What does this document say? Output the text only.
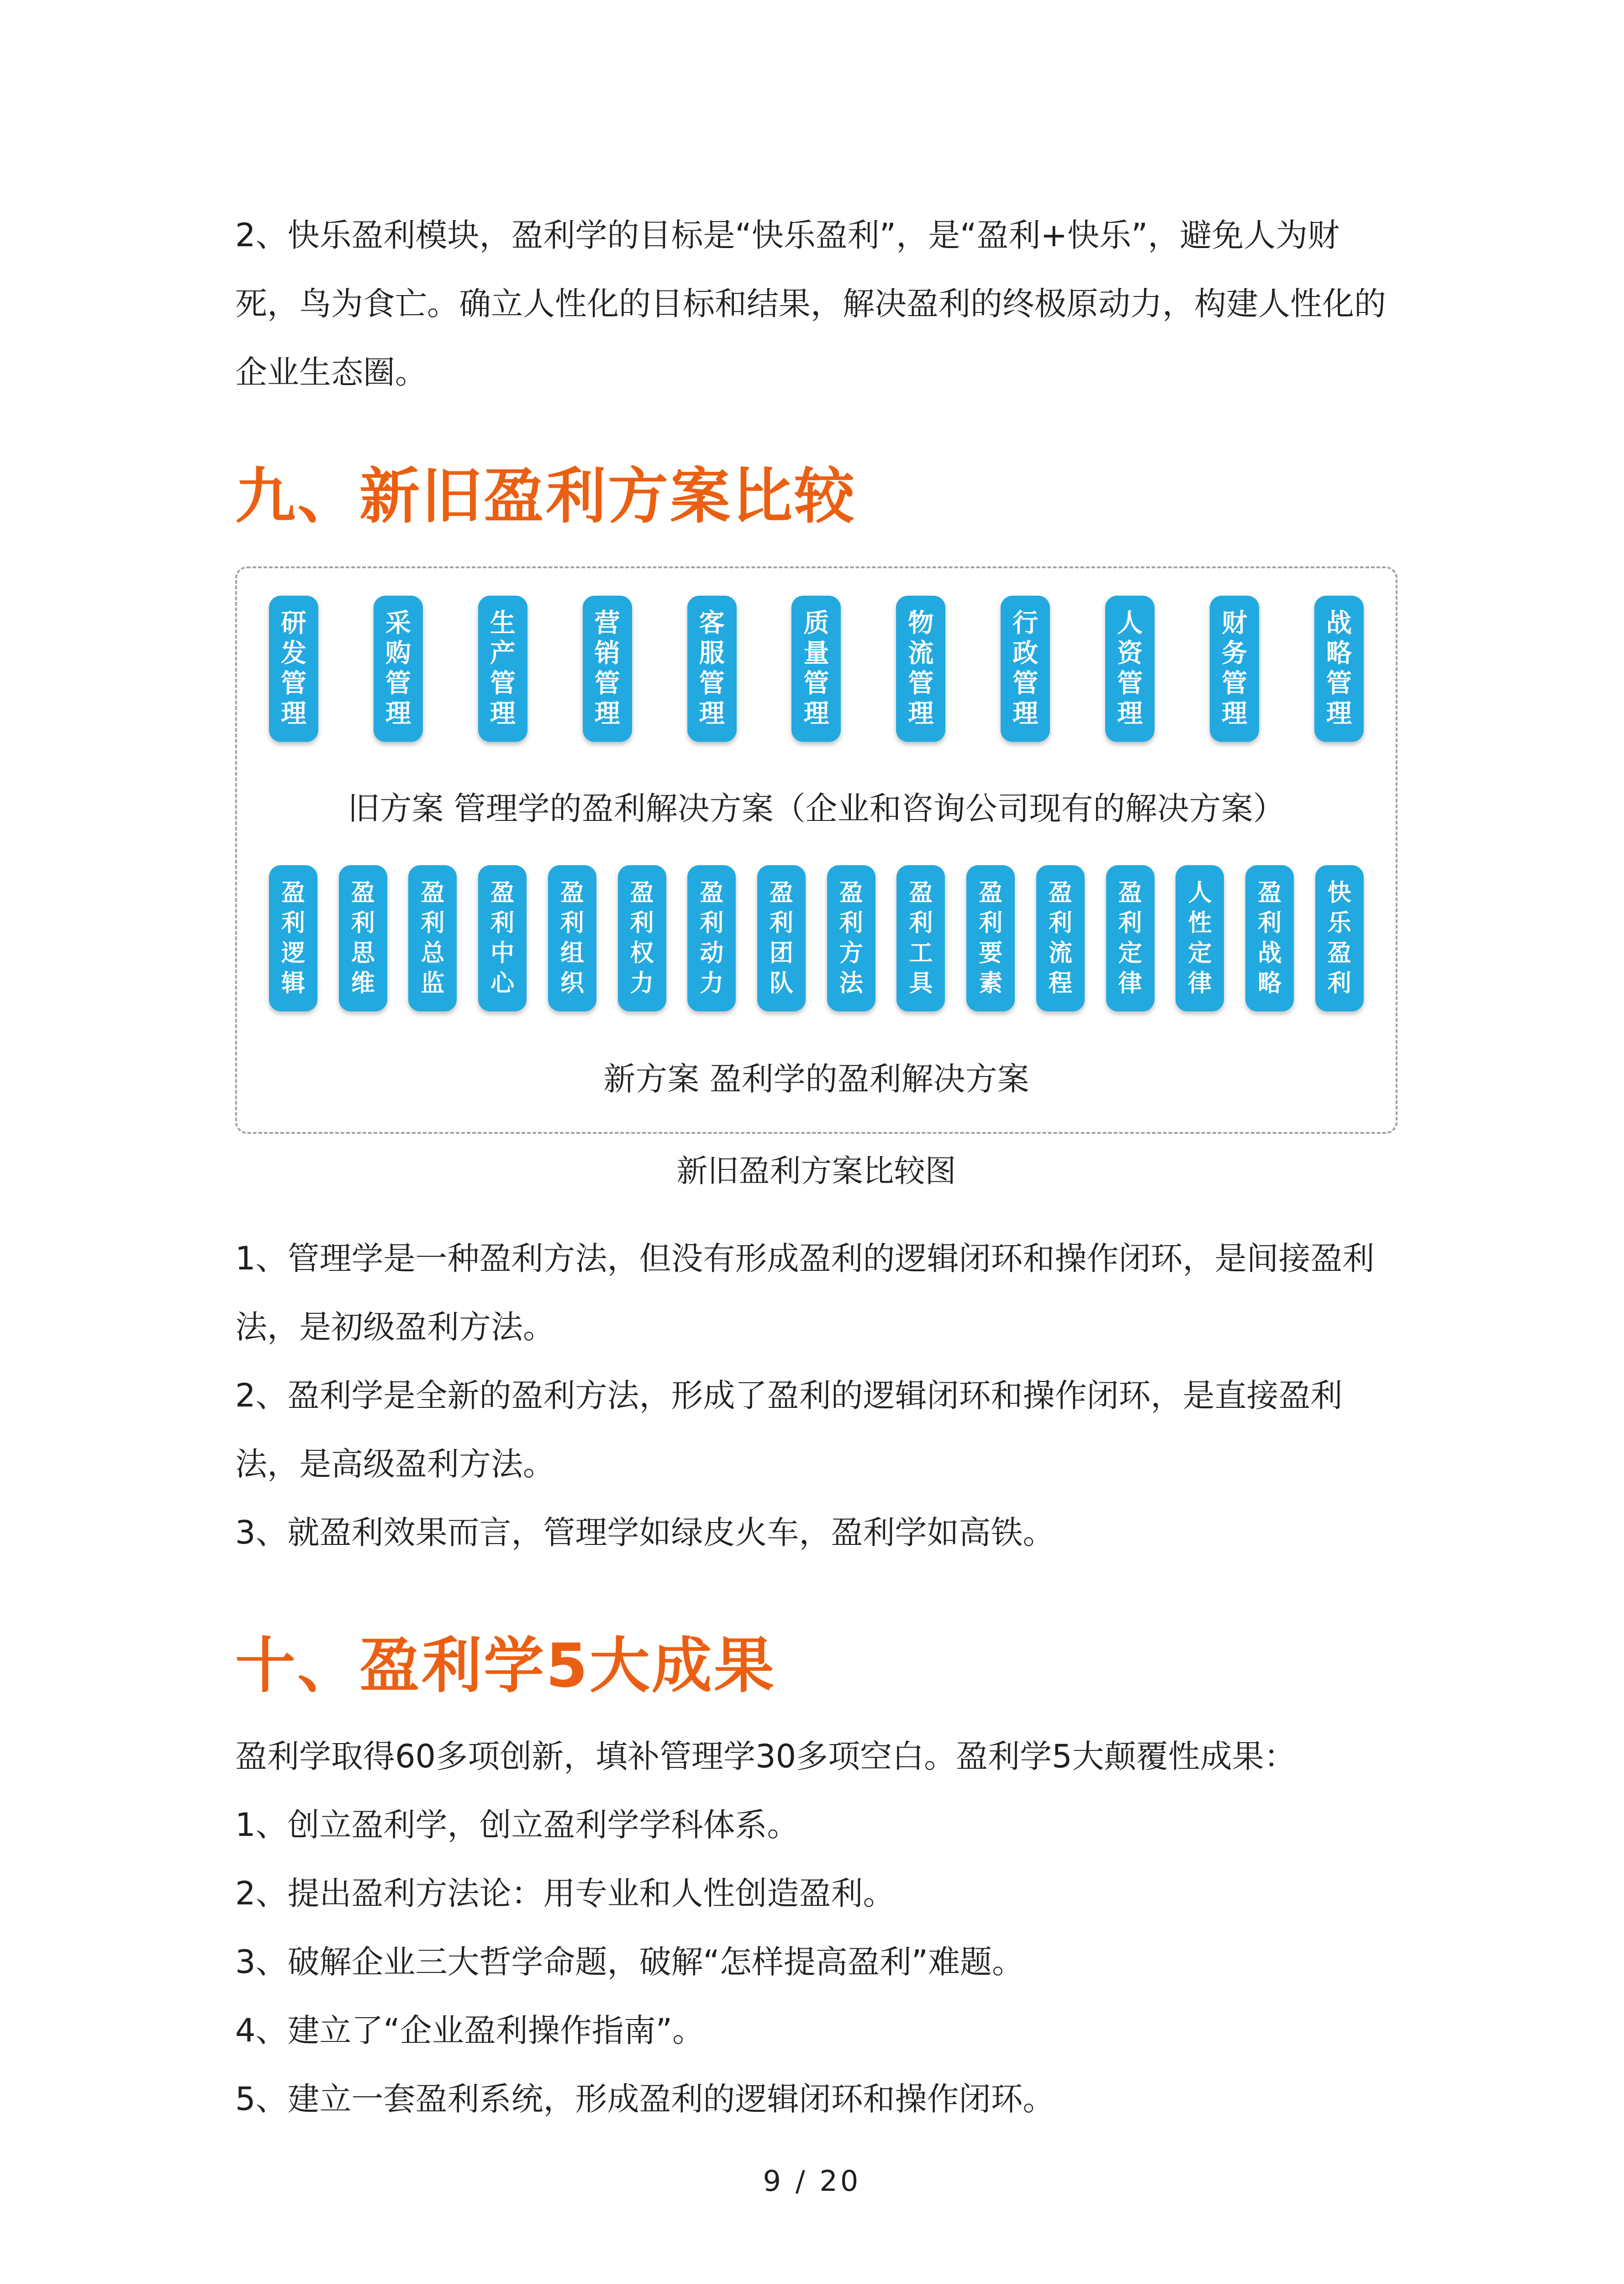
2、快乐盈利模块，盈利学的目标是“快乐盈利”，是“盈利+快乐”，避免人为财死，鸟为食亡。确立人性化的目标和结果，解决盈利的终极原动力，构建人性化的企业生态圈。

九、新旧盈利方案比较
研发管理
采购管理
生产管理
营销管理
客服管理
质量管理
物流管理
行政管理
人资管理
财务管理
战略管理
旧方案 管理学的盈利解决方案（企业和咨询公司现有的解决方案）
盈利逻辑
盈利思维
盈利总监
盈利中心
盈利组织
盈利权力
盈利动力
盈利团队
盈利方法
盈利工具
盈利要素
盈利流程
盈利定律
人性定律
盈利战略
快乐盈利
新方案 盈利学的盈利解决方案
新旧盈利方案比较图

1、管理学是一种盈利方法，但没有形成盈利的逻辑闭环和操作闭环，是间接盈利法，是初级盈利方法。

2、盈利学是全新的盈利方法，形成了盈利的逻辑闭环和操作闭环，是直接盈利法，是高级盈利方法。

3、就盈利效果而言，管理学如绿皮火车，盈利学如高铁。

十、盈利学5大成果

盈利学取得60多项创新，填补管理学30多项空白。盈利学5大颠覆性成果：

1、创立盈利学，创立盈利学学科体系。

2、提出盈利方法论：用专业和人性创造盈利。

3、破解企业三大哲学命题，破解“怎样提高盈利”难题。

4、建立了“企业盈利操作指南”。

5、建立一套盈利系统，形成盈利的逻辑闭环和操作闭环。

9 / 20
